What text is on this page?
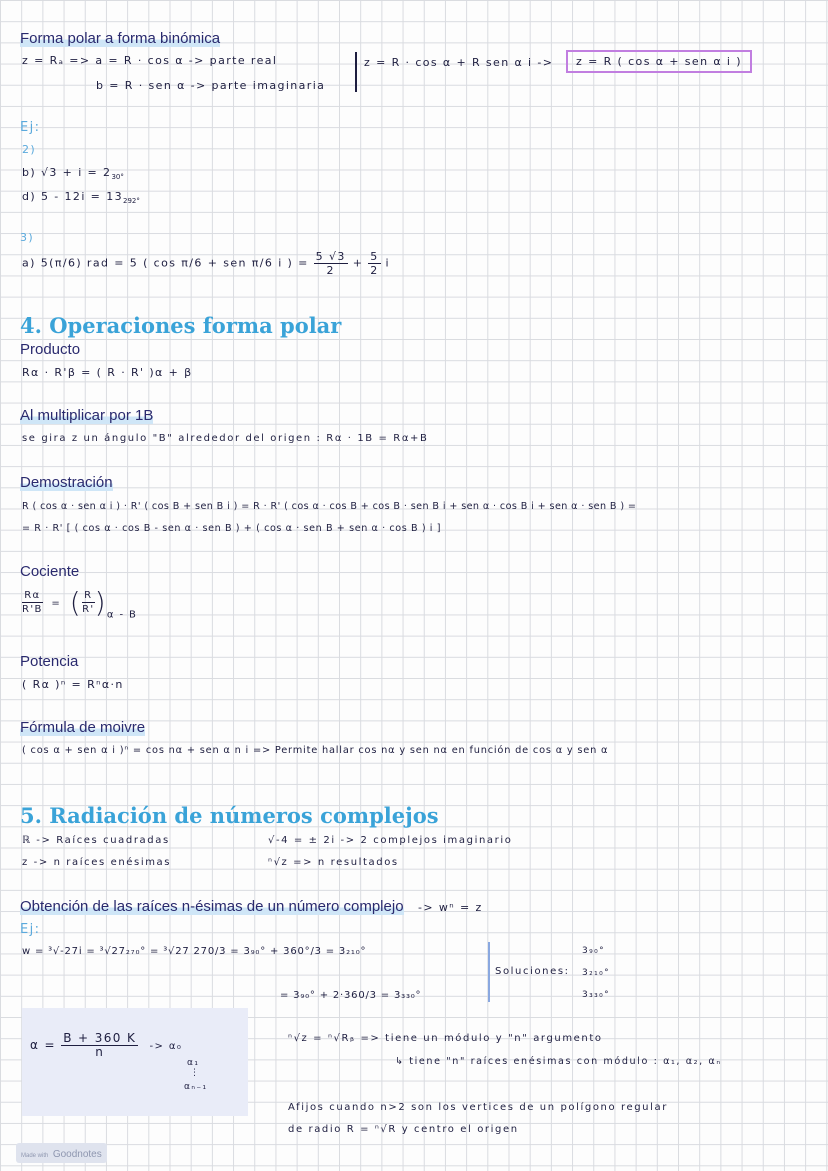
Forma polar a forma binómica
z = Rₐ => a = R · cos α -> parte real
b = R · sen α -> parte imaginaria
z = R · cos α + R sen α i ->	z = R ( cos α + sen α i )
Ej:
2)
b) $√3 + i = 2_{30^\circ}$
d) $5 - 12i = 13_{292^\circ}$
3)
a) 5(π/6) rad = 5 ( cos π/6 + sen π/6 i ) = $\frac{5 √3}{2} + \frac{5}{2}$ i
4. Operaciones forma polar
Producto
Rα · R'β = ( R · R' )α + β
Al multiplicar por 1B
se gira z un ángulo "B" alrededor del origen : Rα · 1B = Rα+B
Demostración
R ( cos α · sen α i ) · R' ( cos B + sen B i ) = R · R' ( cos α · cos B + cos B · sen B i + sen α · cos B i + sen α · sen B ) =
= R · R' [ ( cos α · cos B - sen α · sen B ) + ( cos α · sen B + sen α · cos B ) i ]
Cociente
$\frac{R\alpha}{R'B}$ = ( $\frac{R}{R'} )\alpha$ - B
Potencia
( Rα )ⁿ = Rⁿα·n
Fórmula de moivre
( cos α + sen α i )ⁿ = cos nα + sen α n i => Permite hallar cos nα y sen nα en función de cos α y sen α
5. Radiación de números complejos
ℝ -> Raíces cuadradas
z -> n raíces enésimas
√-4 = ± 2i -> 2 complejos imaginario
ⁿ√z => n resultados
Obtención de las raíces n-ésimas de un número complejo -> wⁿ = z
Ej:
w = ³√-27i = ³√27₂₇₀° = ³√27 270/3 = 3₉₀° + 360°/3 = 3₂₁₀°
= 3₉₀° + 2·360/3 = 3₃₃₀°
Soluciones:
3₉₀°
3₂₁₀°
3₃₃₀°
$\alpha = \frac{B + 360 K}{n} -> \alpha_0$
α₁
⋮
αₙ₋₁
ⁿ√z = ⁿ√Rᵦ => tiene un módulo y "n" argumento
↳ tiene "n" raíces enésimas con módulo : α₁, α₂, αₙ
Afijos cuando n>2 son los vertices de un polígono regular
de radio R = ⁿ√R y centro el origen
Made with Goodnotes
